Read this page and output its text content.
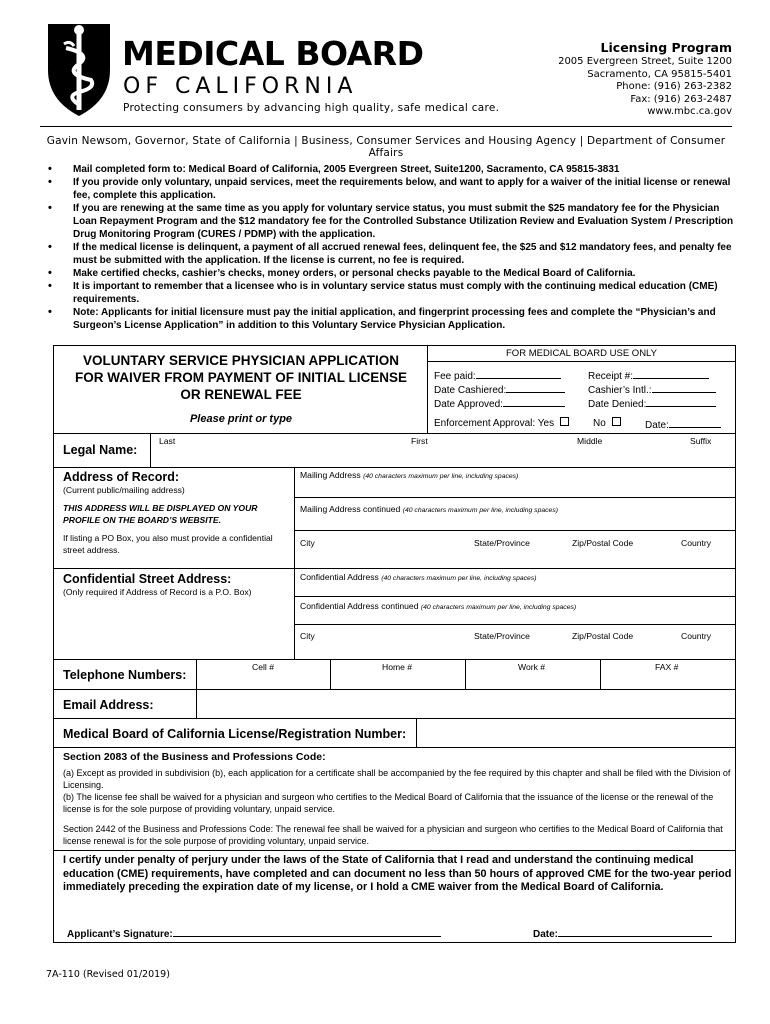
MEDICAL BOARD
OF CALIFORNIA
Protecting consumers by advancing high quality, safe medical care.
Licensing Program
2005 Evergreen Street, Suite 1200
Sacramento, CA 95815-5401
Phone: (916) 263-2382
Fax: (916) 263-2487
www.mbc.ca.gov
Gavin Newsom, Governor, State of California | Business, Consumer Services and Housing Agency | Department of Consumer Affairs
• Mail completed form to: Medical Board of California, 2005 Evergreen Street, Suite1200, Sacramento, CA 95815-3831
• If you provide only voluntary, unpaid services, meet the requirements below, and want to apply for a waiver of the initial license or renewal fee, complete this application.
• If you are renewing at the same time as you apply for voluntary service status, you must submit the $25 mandatory fee for the Physician Loan Repayment Program and the $12 mandatory fee for the Controlled Substance Utilization Review and Evaluation System / Prescription Drug Monitoring Program (CURES / PDMP) with the application.
• If the medical license is delinquent, a payment of all accrued renewal fees, delinquent fee, the $25 and $12 mandatory fees, and penalty fee must be submitted with the application. If the license is current, no fee is required.
• Make certified checks, cashier’s checks, money orders, or personal checks payable to the Medical Board of California.
• It is important to remember that a licensee who is in voluntary service status must comply with the continuing medical education (CME) requirements.
• Note: Applicants for initial licensure must pay the initial application, and fingerprint processing fees and complete the “Physician’s and Surgeon’s License Application” in addition to this Voluntary Service Physician Application.
VOLUNTARY SERVICE PHYSICIAN APPLICATION
FOR WAIVER FROM PAYMENT OF INITIAL LICENSE
OR RENEWAL FEE
Please print or type
FOR MEDICAL BOARD USE ONLY
Fee paid:	Receipt #:
Date Cashiered:	Cashier’s Intl.:
Date Approved:	Date Denied:
Enforcement Approval: Yes	No	Date:
Legal Name:
Last	First	Middle	Suffix
Address of Record:
(Current public/mailing address)
THIS ADDRESS WILL BE DISPLAYED ON YOUR PROFILE ON THE BOARD’S WEBSITE.
If listing a PO Box, you also must provide a confidential street address.
Mailing Address (40 characters maximum per line, including spaces)
Mailing Address continued (40 characters maximum per line, including spaces)
City	State/Province	Zip/Postal Code	Country
Confidential Street Address:
(Only required if Address of Record is a P.O. Box)
Confidential Address (40 characters maximum per line, including spaces)
Confidential Address continued (40 characters maximum per line, including spaces)
City	State/Province	Zip/Postal Code	Country
Telephone Numbers:
Cell #	Home #	Work #	FAX #
Email Address:
Medical Board of California License/Registration Number:
Section 2083 of the Business and Professions Code:
(a) Except as provided in subdivision (b), each application for a certificate shall be accompanied by the fee required by this chapter and shall be filed with the Division of Licensing.
(b) The license fee shall be waived for a physician and surgeon who certifies to the Medical Board of California that the issuance of the license or the renewal of the license is for the sole purpose of providing voluntary, unpaid service.
Section 2442 of the Business and Professions Code: The renewal fee shall be waived for a physician and surgeon who certifies to the Medical Board of California that license renewal is for the sole purpose of providing voluntary, unpaid service.
I certify under penalty of perjury under the laws of the State of California that I read and understand the continuing medical education (CME) requirements, have completed and can document no less than 50 hours of approved CME for the two-year period immediately preceding the expiration date of my license, or I hold a CME waiver from the Medical Board of California.
Applicant’s Signature:	Date:
7A-110 (Revised 01/2019)
